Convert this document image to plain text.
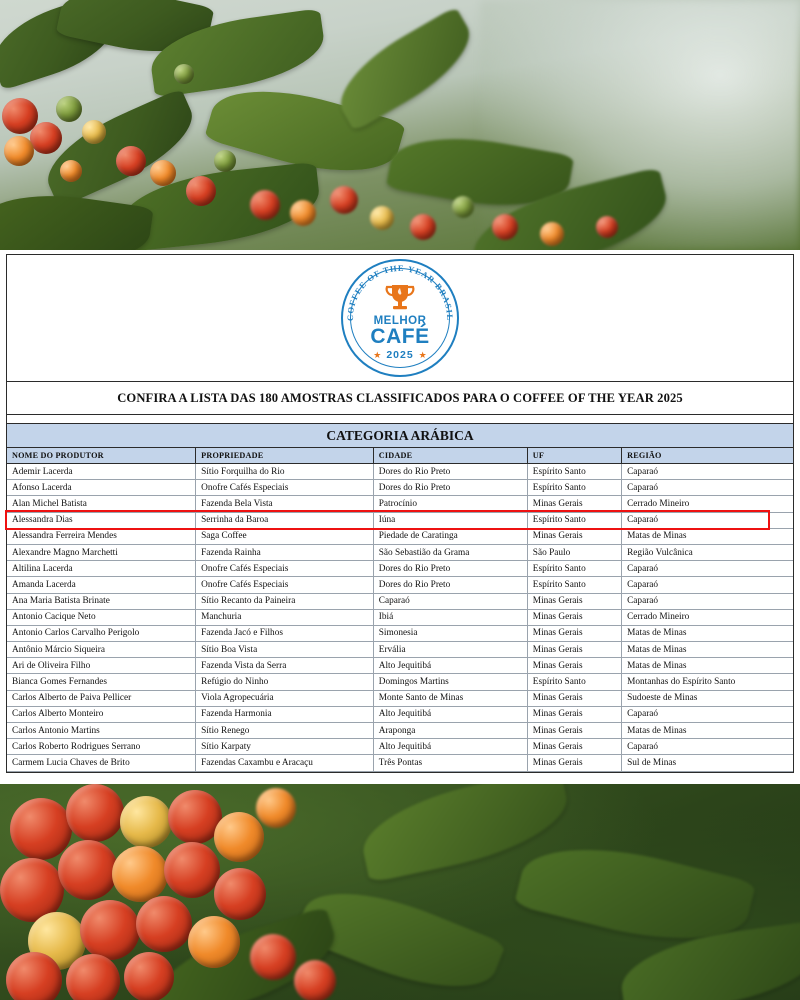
COFFEE OF THE YEAR BRASIL
MELHOR
CAFÉ
★ 2025 ★
CONFIRA A LISTA DAS 180 AMOSTRAS CLASSIFICADOS PARA O COFFEE OF THE YEAR 2025
CATEGORIA ARÁBICA
NOME DO PRODUTOR	PROPRIEDADE	CIDADE	UF	REGIÃO
Ademir Lacerda	Sítio Forquilha do Rio	Dores do Rio Preto	Espírito Santo	Caparaó
Afonso Lacerda	Onofre Cafés Especiais	Dores do Rio Preto	Espírito Santo	Caparaó
Alan Michel Batista	Fazenda Bela Vista	Patrocínio	Minas Gerais	Cerrado Mineiro
Alessandra Dias	Serrinha da Baroa	Iúna	Espírito Santo	Caparaó
Alessandra Ferreira Mendes	Saga Coffee	Piedade de Caratinga	Minas Gerais	Matas de Minas
Alexandre Magno Marchetti	Fazenda Rainha	São Sebastião da Grama	São Paulo	Região Vulcânica
Altilina Lacerda	Onofre Cafés Especiais	Dores do Rio Preto	Espírito Santo	Caparaó
Amanda Lacerda	Onofre Cafés Especiais	Dores do Rio Preto	Espírito Santo	Caparaó
Ana Maria Batista Brinate	Sítio Recanto da Paineira	Caparaó	Minas Gerais	Caparaó
Antonio Cacique Neto	Manchuria	Ibiá	Minas Gerais	Cerrado Mineiro
Antonio Carlos Carvalho Perigolo	Fazenda Jacó e Filhos	Simonesia	Minas Gerais	Matas de Minas
Antônio Márcio Siqueira	Sítio Boa Vista	Ervália	Minas Gerais	Matas de Minas
Ari de Oliveira Filho	Fazenda Vista da Serra	Alto Jequitibá	Minas Gerais	Matas de Minas
Bianca Gomes Fernandes	Refúgio do Ninho	Domingos Martins	Espírito Santo	Montanhas do Espírito Santo
Carlos Alberto de Paiva Pellicer	Viola Agropecuária	Monte Santo de Minas	Minas Gerais	Sudoeste de Minas
Carlos Alberto Monteiro	Fazenda Harmonia	Alto Jequitibá	Minas Gerais	Caparaó
Carlos Antonio Martins	Sítio Renego	Araponga	Minas Gerais	Matas de Minas
Carlos Roberto Rodrigues Serrano	Sítio Karpaty	Alto Jequitibá	Minas Gerais	Caparaó
Carmem Lucia Chaves de Brito	Fazendas Caxambu e Aracaçu	Três Pontas	Minas Gerais	Sul de Minas
